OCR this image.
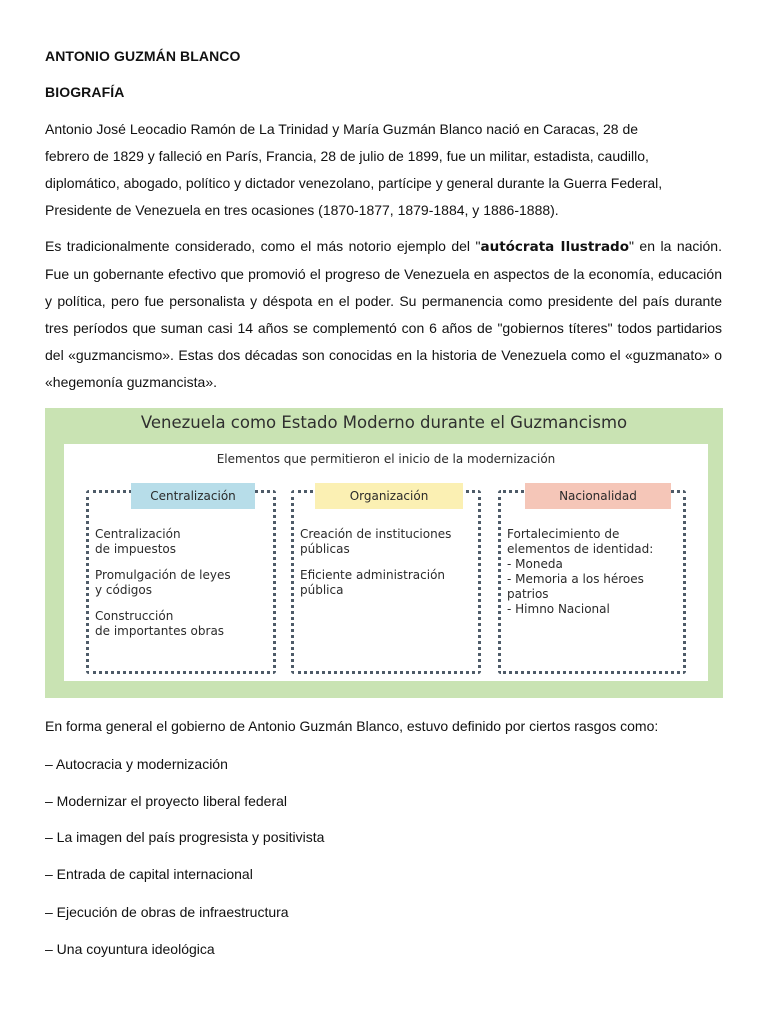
ANTONIO GUZMÁN BLANCO
BIOGRAFÍA

Antonio José Leocadio Ramón de La Trinidad y María Guzmán Blanco nació en Caracas, 28 de
febrero de 1829 y falleció en París, Francia, 28 de julio de 1899, fue un militar, estadista, caudillo,
diplomático, abogado, político y dictador venezolano, partícipe y general durante la Guerra Federal,
Presidente de Venezuela en tres ocasiones (1870-1877, 1879-1884, y 1886-1888).

Es tradicionalmente considerado, como el más notorio ejemplo del "autócrata Ilustrado" en la nación. Fue un gobernante efectivo que promovió el progreso de Venezuela en aspectos de la economía, educación y política, pero fue personalista y déspota en el poder. Su permanencia como presidente del país durante tres períodos que suman casi 14 años se complementó con 6 años de "gobiernos títeres" todos partidarios del «guzmancismo». Estas dos décadas son conocidas en la historia de Venezuela como el «guzmanato» o «hegemonía guzmancista».

Venezuela como Estado Moderno durante el Guzmancismo
Elementos que permitieron el inicio de la modernización
Centralización
Centralización
de impuestos
Promulgación de leyes
y códigos
Construcción
de importantes obras
Organización
Creación de instituciones
públicas
Eficiente administración
pública
Nacionalidad
Fortalecimiento de
elementos de identidad:
- Moneda
- Memoria a los héroes
patrios
- Himno Nacional

En forma general el gobierno de Antonio Guzmán Blanco, estuvo definido por ciertos rasgos como:

– Autocracia y modernización

– Modernizar el proyecto liberal federal

– La imagen del país progresista y positivista

– Entrada de capital internacional

– Ejecución de obras de infraestructura

– Una coyuntura ideológica
